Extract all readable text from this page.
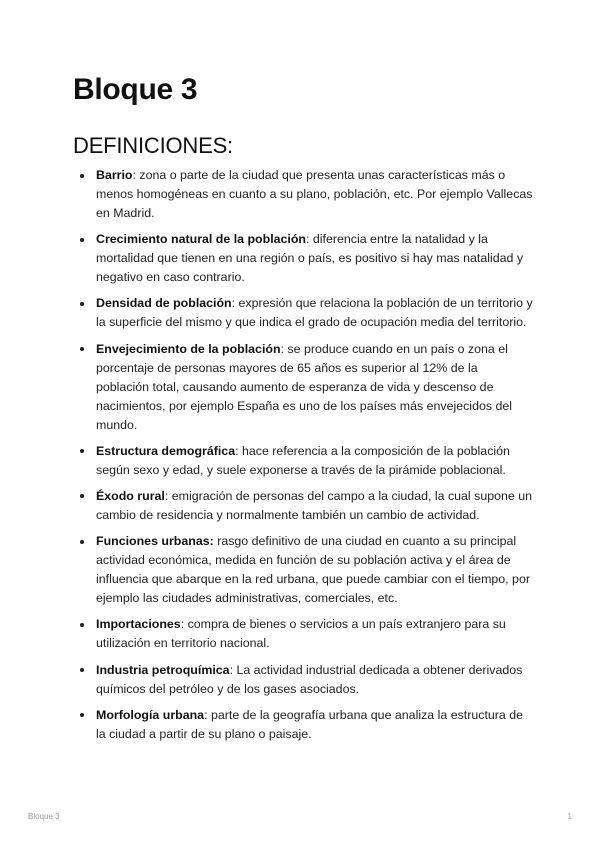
Bloque 3
DEFINICIONES:
Barrio: zona o parte de la ciudad que presenta unas características más o menos homogéneas en cuanto a su plano, población, etc. Por ejemplo Vallecas en Madrid.
Crecimiento natural de la población: diferencia entre la natalidad y la mortalidad que tienen en una región o país, es positivo si hay mas natalidad y negativo en caso contrario.
Densidad de población: expresión que relaciona la población de un territorio y la superficie del mismo y que indica el grado de ocupación media del territorio.
Envejecimiento de la población: se produce cuando en un país o zona el porcentaje de personas mayores de 65 años es superior al 12% de la población total, causando aumento de esperanza de vida y descenso de nacimientos, por ejemplo España es uno de los países más envejecidos del mundo.
Estructura demográfica: hace referencia a la composición de la población según sexo y edad, y suele exponerse a través de la pirámide poblacional.
Éxodo rural: emigración de personas del campo a la ciudad, la cual supone un cambio de residencia y normalmente también un cambio de actividad.
Funciones urbanas: rasgo definitivo de una ciudad en cuanto a su principal actividad económica, medida en función de su población activa y el área de influencia que abarque en la red urbana, que puede cambiar con el tiempo, por ejemplo las ciudades administrativas, comerciales, etc.
Importaciones: compra de bienes o servicios a un país extranjero para su utilización en territorio nacional.
Industria petroquímica: La actividad industrial dedicada a obtener derivados químicos del petróleo y de los gases asociados.
Morfología urbana: parte de la geografía urbana que analiza la estructura de la ciudad a partir de su plano o paisaje.
Bloque 3	1
